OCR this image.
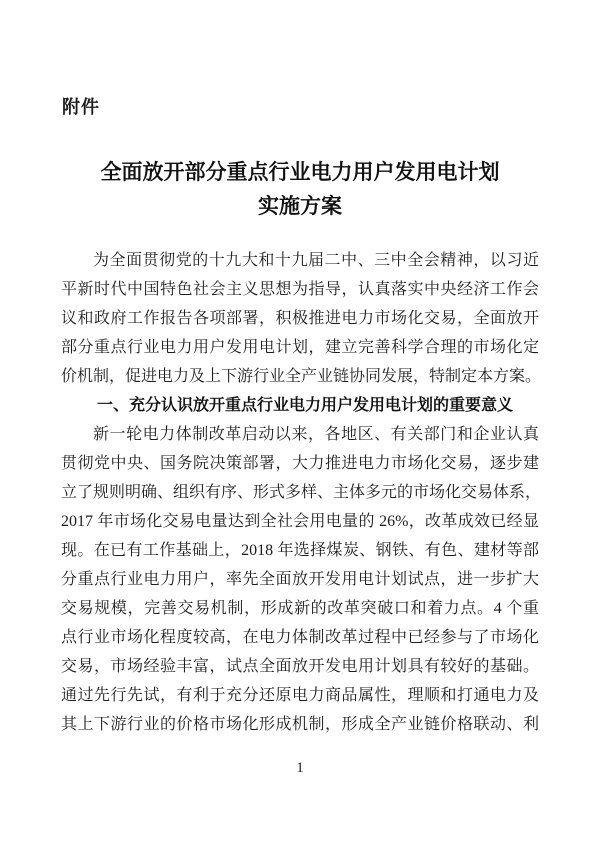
附件
全面放开部分重点行业电力用户发用电计划
实施方案
为全面贯彻党的十九大和十九届二中、三中全会精神，以习近
平新时代中国特色社会主义思想为指导，认真落实中央经济工作会
议和政府工作报告各项部署，积极推进电力市场化交易，全面放开
部分重点行业电力用户发用电计划，建立完善科学合理的市场化定
价机制，促进电力及上下游行业全产业链协同发展，特制定本方案。
一、充分认识放开重点行业电力用户发用电计划的重要意义
新一轮电力体制改革启动以来，各地区、有关部门和企业认真
贯彻党中央、国务院决策部署，大力推进电力市场化交易，逐步建
立了规则明确、组织有序、形式多样、主体多元的市场化交易体系，
2017 年市场化交易电量达到全社会用电量的 26%，改革成效已经显
现。在已有工作基础上，2018 年选择煤炭、钢铁、有色、建材等部
分重点行业电力用户，率先全面放开发用电计划试点，进一步扩大
交易规模，完善交易机制，形成新的改革突破口和着力点。4 个重
点行业市场化程度较高，在电力体制改革过程中已经参与了市场化
交易，市场经验丰富，试点全面放开发电用计划具有较好的基础。
通过先行先试，有利于充分还原电力商品属性，理顺和打通电力及
其上下游行业的价格市场化形成机制，形成全产业链价格联动、利
1
